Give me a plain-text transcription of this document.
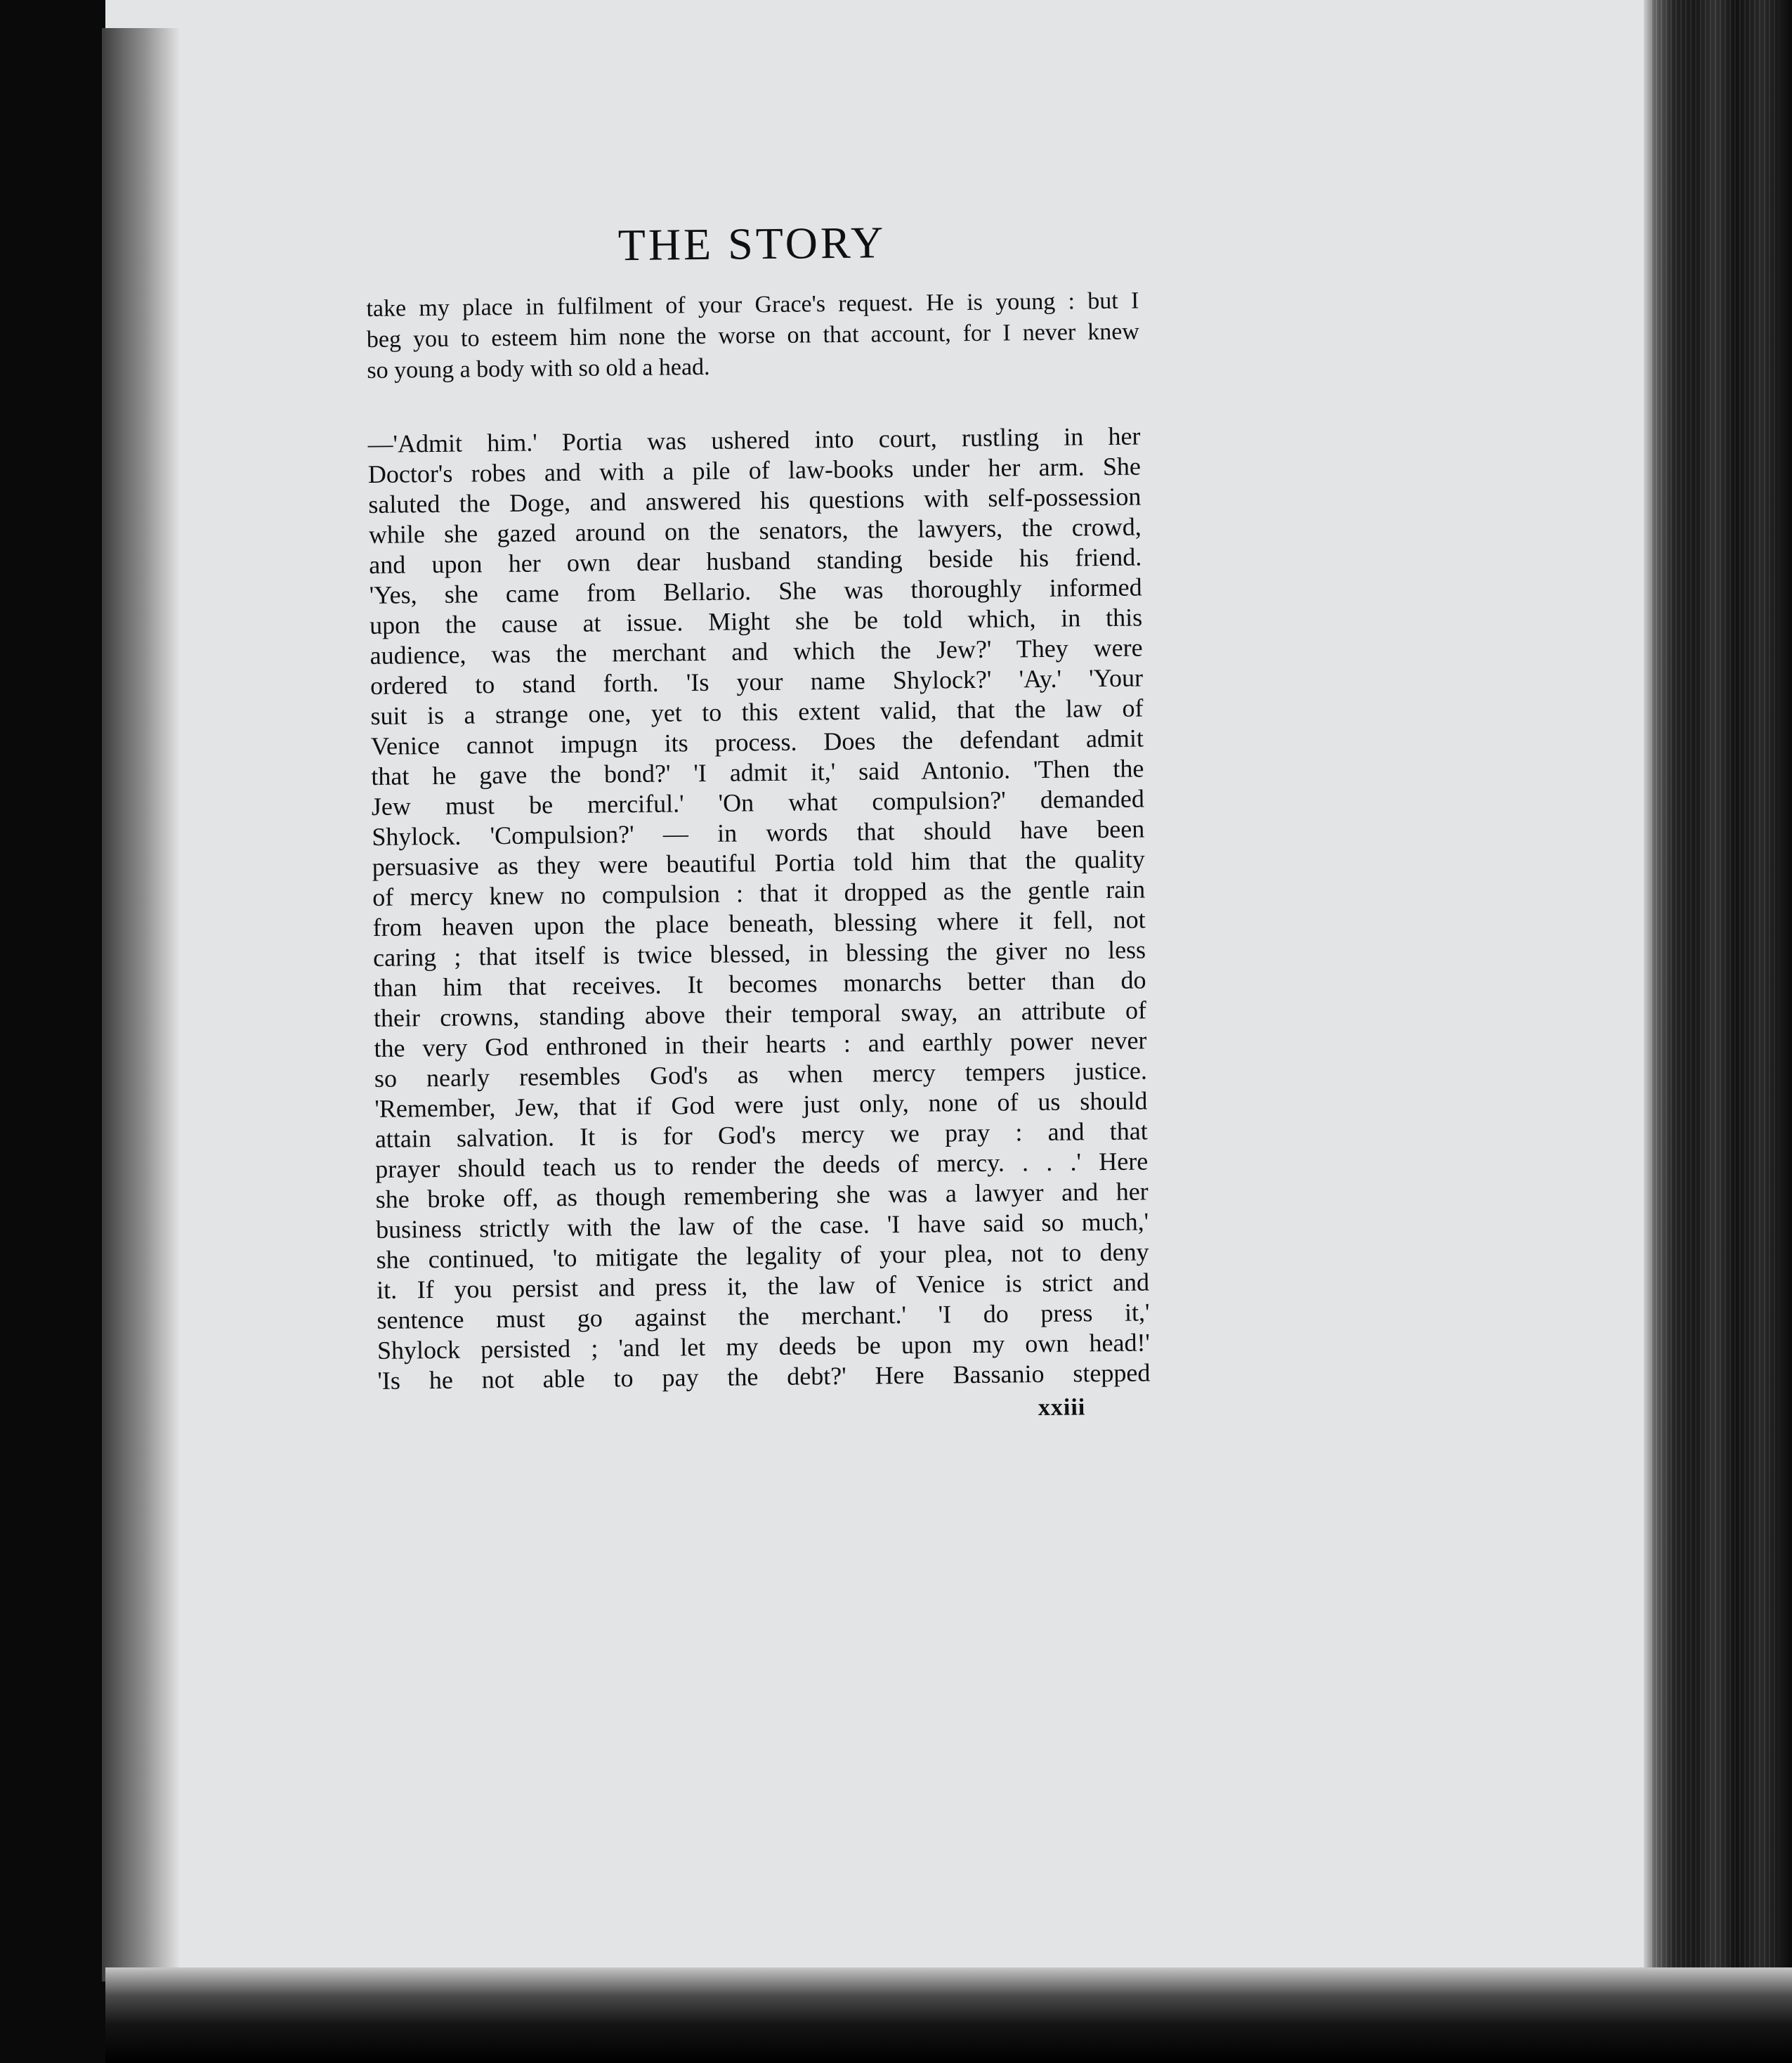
THE STORY
take my place in fulfilment of your Grace's request. He is young : but I
beg you to esteem him none the worse on that account, for I never knew
so young a body with so old a head.
—'Admit him.' Portia was ushered into court, rustling in her
Doctor's robes and with a pile of law-books under her arm. She
saluted the Doge, and answered his questions with self-possession
while she gazed around on the senators, the lawyers, the crowd,
and upon her own dear husband standing beside his friend.
'Yes, she came from Bellario. She was thoroughly informed
upon the cause at issue. Might she be told which, in this
audience, was the merchant and which the Jew?' They were
ordered to stand forth. 'Is your name Shylock?' 'Ay.' 'Your
suit is a strange one, yet to this extent valid, that the law of
Venice cannot impugn its process. Does the defendant admit
that he gave the bond?' 'I admit it,' said Antonio. 'Then the
Jew must be merciful.' 'On what compulsion?' demanded
Shylock. 'Compulsion?' — in words that should have been
persuasive as they were beautiful Portia told him that the quality
of mercy knew no compulsion : that it dropped as the gentle rain
from heaven upon the place beneath, blessing where it fell, not
caring ; that itself is twice blessed, in blessing the giver no less
than him that receives. It becomes monarchs better than do
their crowns, standing above their temporal sway, an attribute of
the very God enthroned in their hearts : and earthly power never
so nearly resembles God's as when mercy tempers justice.
'Remember, Jew, that if God were just only, none of us should
attain salvation. It is for God's mercy we pray : and that
prayer should teach us to render the deeds of mercy. . . .' Here
she broke off, as though remembering she was a lawyer and her
business strictly with the law of the case. 'I have said so much,'
she continued, 'to mitigate the legality of your plea, not to deny
it. If you persist and press it, the law of Venice is strict and
sentence must go against the merchant.' 'I do press it,'
Shylock persisted ; 'and let my deeds be upon my own head!'
'Is he not able to pay the debt?' Here Bassanio stepped
xxiii
